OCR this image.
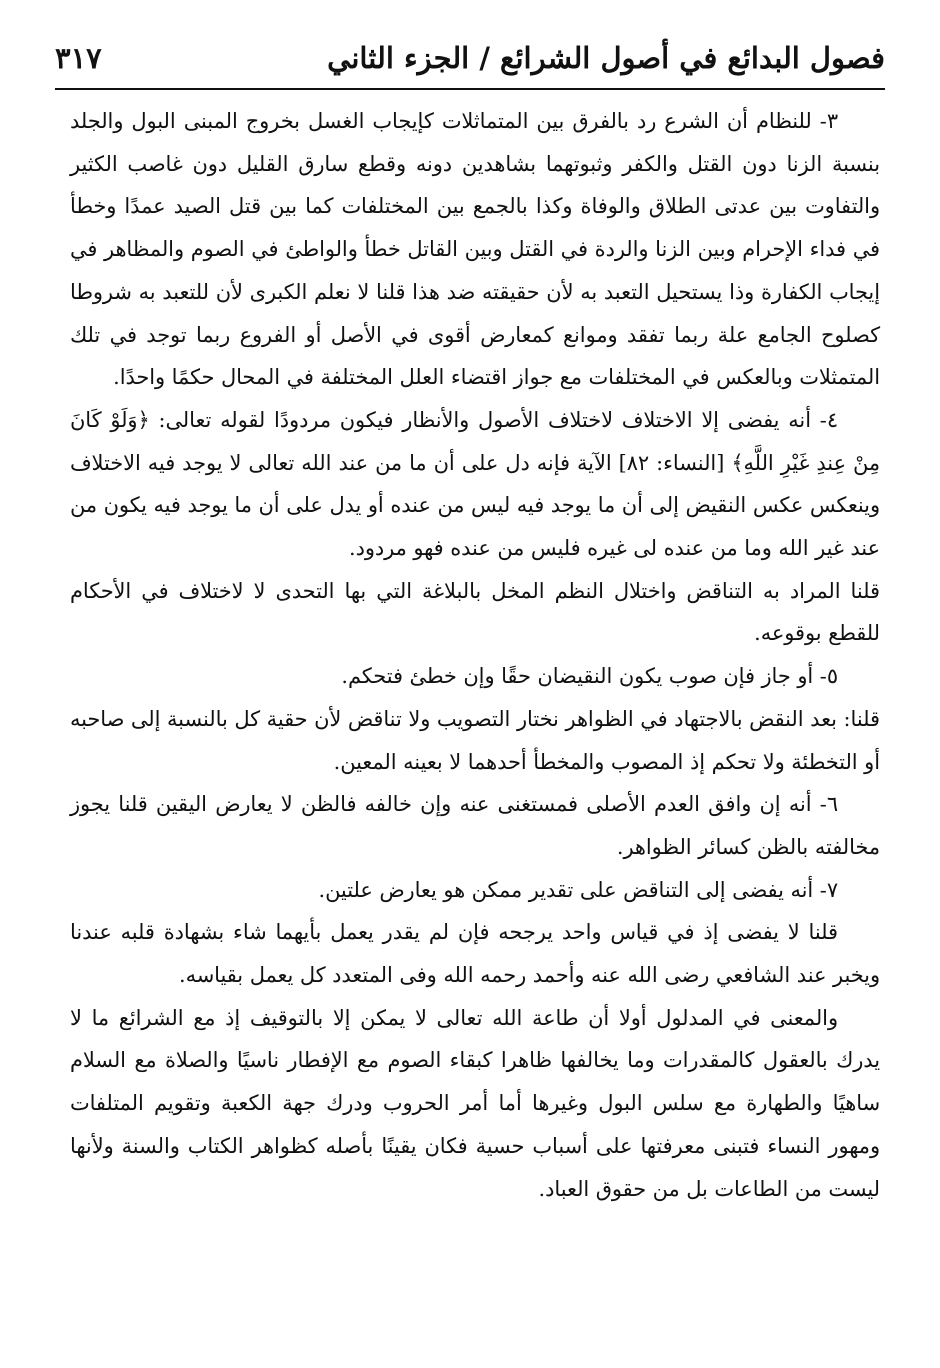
فصول البدائع في أصول الشرائع / الجزء الثاني
٣١٧

٣- للنظام أن الشرع رد بالفرق بين المتماثلات كإيجاب الغسل بخروج المبنى البول والجلد بنسبة الزنا دون القتل والكفر وثبوتهما بشاهدين دونه وقطع سارق القليل دون غاصب الكثير والتفاوت بين عدتى الطلاق والوفاة وكذا بالجمع بين المختلفات كما بين قتل الصيد عمدًا وخطأ في فداء الإحرام وبين الزنا والردة في القتل وبين القاتل خطأ والواطئ في الصوم والمظاهر في إيجاب الكفارة وذا يستحيل التعبد به لأن حقيقته ضد هذا قلنا لا نعلم الكبرى لأن للتعبد به شروطا كصلوح الجامع علة ربما تفقد وموانع كمعارض أقوى في الأصل أو الفروع ربما توجد في تلك المتمثلات وبالعكس في المختلفات مع جواز اقتضاء العلل المختلفة في المحال حكمًا واحدًا.

٤- أنه يفضى إلا الاختلاف لاختلاف الأصول والأنظار فيكون مردودًا لقوله تعالى: ﴿وَلَوْ كَانَ مِنْ عِندِ غَيْرِ اللَّهِ﴾ [النساء: ٨٢] الآية فإنه دل على أن ما من عند الله تعالى لا يوجد فيه الاختلاف وينعكس عكس النقيض إلى أن ما يوجد فيه ليس من عنده أو يدل على أن ما يوجد فيه يكون من عند غير الله وما من عنده لى غيره فليس من عنده فهو مردود.

قلنا المراد به التناقض واختلال النظم المخل بالبلاغة التي بها التحدى لا لاختلاف في الأحكام للقطع بوقوعه.

٥- أو جاز فإن صوب يكون النقيضان حقًا وإن خطئ فتحكم.

قلنا: بعد النقض بالاجتهاد في الظواهر نختار التصويب ولا تناقض لأن حقية كل بالنسبة إلى صاحبه أو التخطئة ولا تحكم إذ المصوب والمخطأ أحدهما لا بعينه المعين.

٦- أنه إن وافق العدم الأصلى فمستغنى عنه وإن خالفه فالظن لا يعارض اليقين قلنا يجوز مخالفته بالظن كسائر الظواهر.

٧- أنه يفضى إلى التناقض على تقدير ممكن هو يعارض علتين.

قلنا لا يفضى إذ في قياس واحد يرجحه فإن لم يقدر يعمل بأيهما شاء بشهادة قلبه عندنا ويخبر عند الشافعي رضى الله عنه وأحمد رحمه الله وفى المتعدد كل يعمل بقياسه.

والمعنى في المدلول أولا أن طاعة الله تعالى لا يمكن إلا بالتوقيف إذ مع الشرائع ما لا يدرك بالعقول كالمقدرات وما يخالفها ظاهرا كبقاء الصوم مع الإفطار ناسيًا والصلاة مع السلام ساهيًا والطهارة مع سلس البول وغيرها أما أمر الحروب ودرك جهة الكعبة وتقويم المتلفات ومهور النساء فتبنى معرفتها على أسباب حسية فكان يقينًا بأصله كظواهر الكتاب والسنة ولأنها ليست من الطاعات بل من حقوق العباد.
